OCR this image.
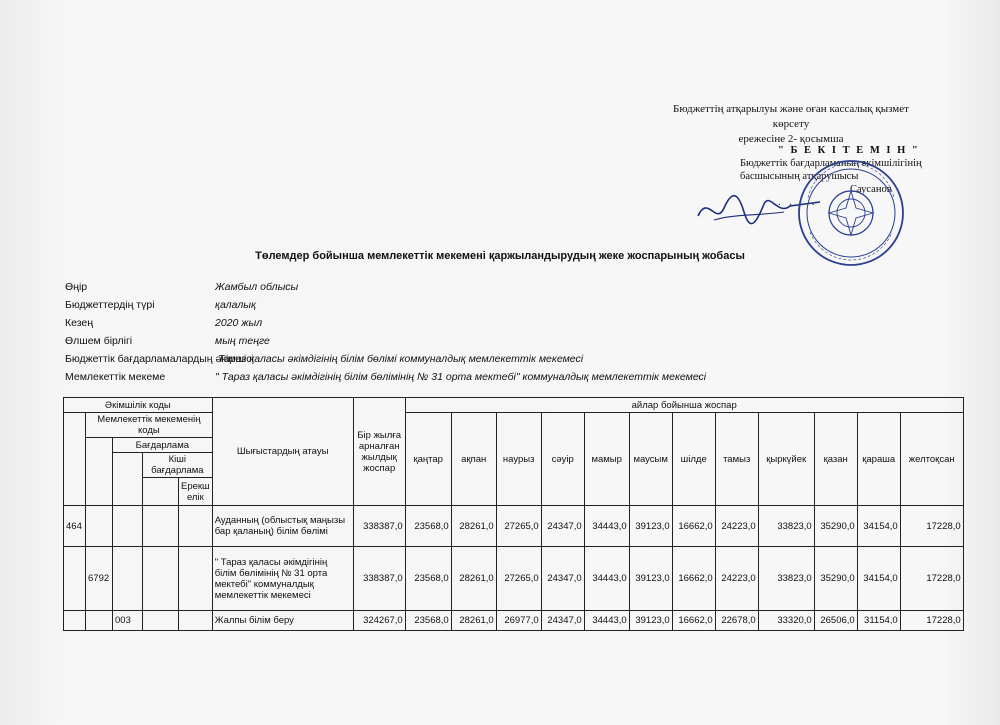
Бюджеттің атқарылуы және оған кассалық қызмет көрсету
ережесіне 2- қосымша
" Б Е К І Т Е М І Н "
Бюджеттік бағдарламаның әкімшілігінің
басшысының атқарушысы
Саусанов
. . . .
Төлемдер бойынша мемлекеттік мекемені қаржыландырудың жеке жоспарының жобасы
Өңір	Жамбыл облысы
Бюджеттердің түрі	қалалық
Кезең	2020 жыл
Өлшем бірлігі	мың теңге
Бюджеттік бағдарламалардың әкімшісі
Тараз қаласы әкімдігінің білім бөлімі коммуналдық мемлекеттік мекемесі
Мемлекеттік мекеме	" Тараз қаласы әкімдігінің білім бөлімінің № 31 орта мектебі" коммуналдық мемлекеттік мекемесі
Әкімшілік коды					Шығыстардың атауы	Бір жылға арналған жылдық жоспар	айлар бойынша жоспар											
	Мемлекеттік мекеменің коды						қаңтар	ақпан	наурыз	сәуір	мамыр	маусым	шілде	тамыз	қыркүйек	қазан	қараша	желтоқсан
		Бағдарлама																
			Кіші бағдарлама															
				Ерекш елік														
464					Ауданның (облыстық маңызы бар қаланың) білім бөлімі	338387,0	23568,0	28261,0	27265,0	24347,0	34443,0	39123,0	16662,0	24223,0	33823,0	35290,0	34154,0	17228,0
	6792				" Тараз қаласы әкімдігінің білім бөлімінің № 31 орта мектебі" коммуналдық мемлекеттік мекемесі	338387,0	23568,0	28261,0	27265,0	24347,0	34443,0	39123,0	16662,0	24223,0	33823,0	35290,0	34154,0	17228,0
		003			Жалпы білім беру	324267,0	23568,0	28261,0	26977,0	24347,0	34443,0	39123,0	16662,0	22678,0	33320,0	26506,0	31154,0	17228,0
